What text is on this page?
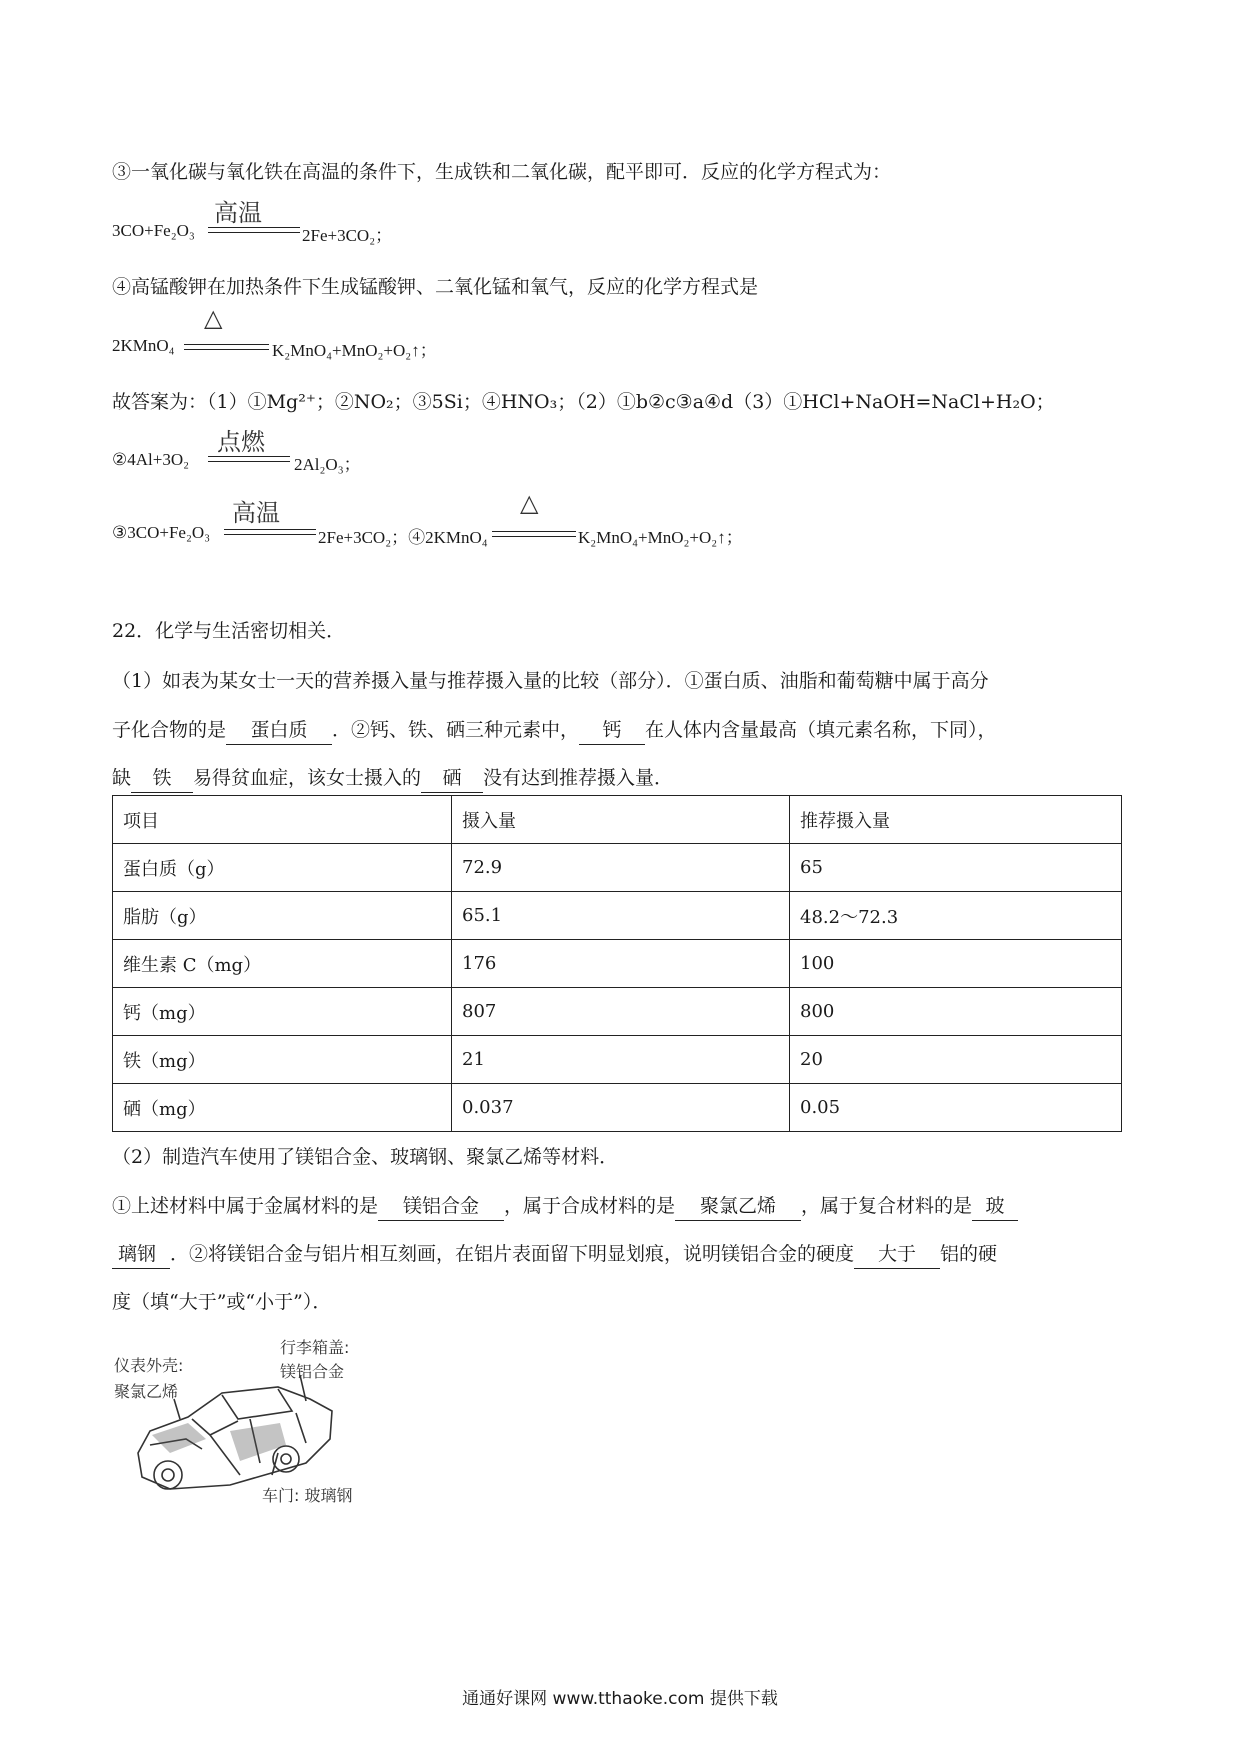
③一氧化碳与氧化铁在高温的条件下，生成铁和二氧化碳，配平即可．反应的化学方程式为：
3CO+Fe₂O₃
高温
2Fe+3CO₂；
④高锰酸钾在加热条件下生成锰酸钾、二氧化锰和氧气，反应的化学方程式是
2KMnO₄
△
K₂MnO₄+MnO₂+O₂↑；
故答案为：（1）①Mg²⁺；②NO₂；③5Si；④HNO₃；（2）①b②c③a④d（3）①HCl+NaOH=NaCl+H₂O；
②4Al+3O₂
点燃
2Al₂O₃；
③3CO+Fe₂O₃
高温
2Fe+3CO₂；④2KMnO₄
△
K₂MnO₄+MnO₂+O₂↑；
22．化学与生活密切相关．
（1）如表为某女士一天的营养摄入量与推荐摄入量的比较（部分）．①蛋白质、油脂和葡萄糖中属于高分
子化合物的是 蛋白质 ．②钙、铁、硒三种元素中， 钙 在人体内含量最高（填元素名称，下同），
缺 铁 易得贫血症，该女士摄入的 硒 没有达到推荐摄入量．
项目	摄入量	推荐摄入量
蛋白质（g）	72.9	65
脂肪（g）	65.1	48.2～72.3
维生素 C（mg）	176	100
钙（mg）	807	800
铁（mg）	21	20
硒（mg）	0.037	0.05
（2）制造汽车使用了镁铝合金、玻璃钢、聚氯乙烯等材料．
①上述材料中属于金属材料的是 镁铝合金 ，属于合成材料的是 聚氯乙烯 ，属于复合材料的是 玻
璃钢 ．②将镁铝合金与铝片相互刻画，在铝片表面留下明显划痕，说明镁铝合金的硬度 大于 铝的硬
度（填“大于”或“小于”）．
仪表外壳:
聚氯乙烯
行李箱盖:
镁铝合金
车门: 玻璃钢
通通好课网 www.tthaoke.com 提供下载
